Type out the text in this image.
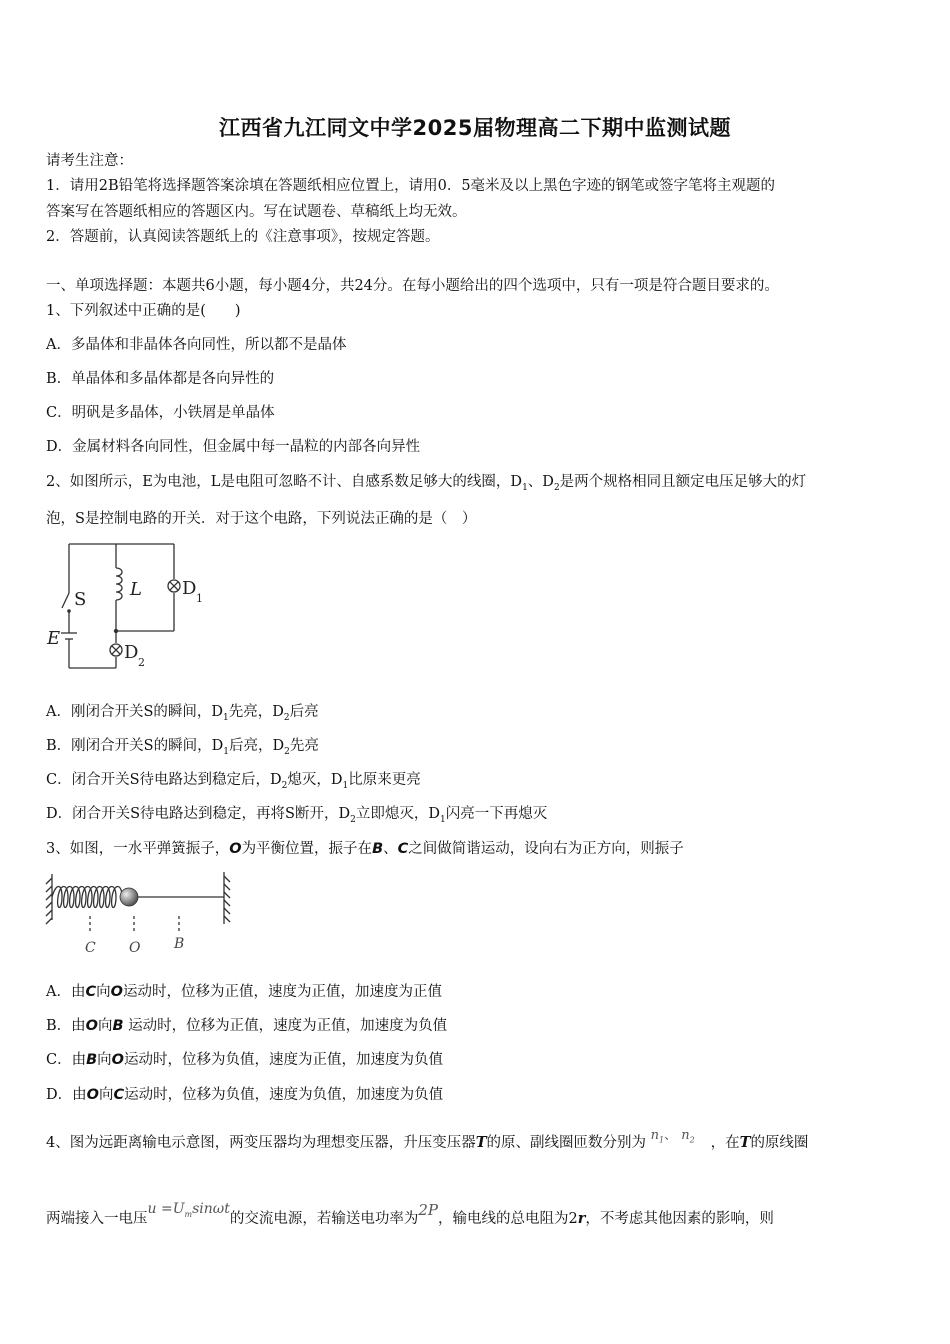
江西省九江同文中学2025届物理高二下期中监测试题
请考生注意：
1．请用2B铅笔将选择题答案涂填在答题纸相应位置上，请用0．5毫米及以上黑色字迹的钢笔或签字笔将主观题的
答案写在答题纸相应的答题区内。写在试题卷、草稿纸上均无效。
2．答题前，认真阅读答题纸上的《注意事项》，按规定答题。
一、单项选择题：本题共6小题，每小题4分，共24分。在每小题给出的四个选项中，只有一项是符合题目要求的。
1、下列叙述中正确的是(　　)
A．多晶体和非晶体各向同性，所以都不是晶体
B．单晶体和多晶体都是各向异性的
C．明矾是多晶体，小铁屑是单晶体
D．金属材料各向同性，但金属中每一晶粒的内部各向异性
2、如图所示，E为电池，L是电阻可忽略不计、自感系数足够大的线圈，$D_1$、$D_2$是两个规格相同且额定电压足够大的灯
泡，S是控制电路的开关．对于这个电路，下列说法正确的是（　）
S L D 1
E
D 2
A．刚闭合开关S的瞬间，$D_1$先亮，$D_2$后亮
B．刚闭合开关S的瞬间，$D_1$后亮，$D_2$先亮
C．闭合开关S待电路达到稳定后，$D_2$熄灭，$D_1$比原来更亮
D．闭合开关S待电路达到稳定，再将S断开，$D_2$立即熄灭，$D_1$闪亮一下再熄灭
3、如图，一水平弹簧振子，O为平衡位置，振子在B、C之间做简谐运动，设向右为正方向，则振子
C O B
A．由C向O运动时，位移为正值，速度为正值，加速度为正值
B．由O向B 运动时，位移为正值，速度为正值，加速度为负值
C．由B向O运动时，位移为负值，速度为正值，加速度为负值
D．由O向C运动时，位移为负值，速度为负值，加速度为负值
4、图为远距离输电示意图，两变压器均为理想变压器，升压变压器T的原、副线圈匝数分别为 $n_1$、 $n_2$ ，在T的原线圈
两端接入一电压$u =U_m\sin\omega t$的交流电源，若输送电功率为2P，输电线的总电阻为2r，不考虑其他因素的影响，则
